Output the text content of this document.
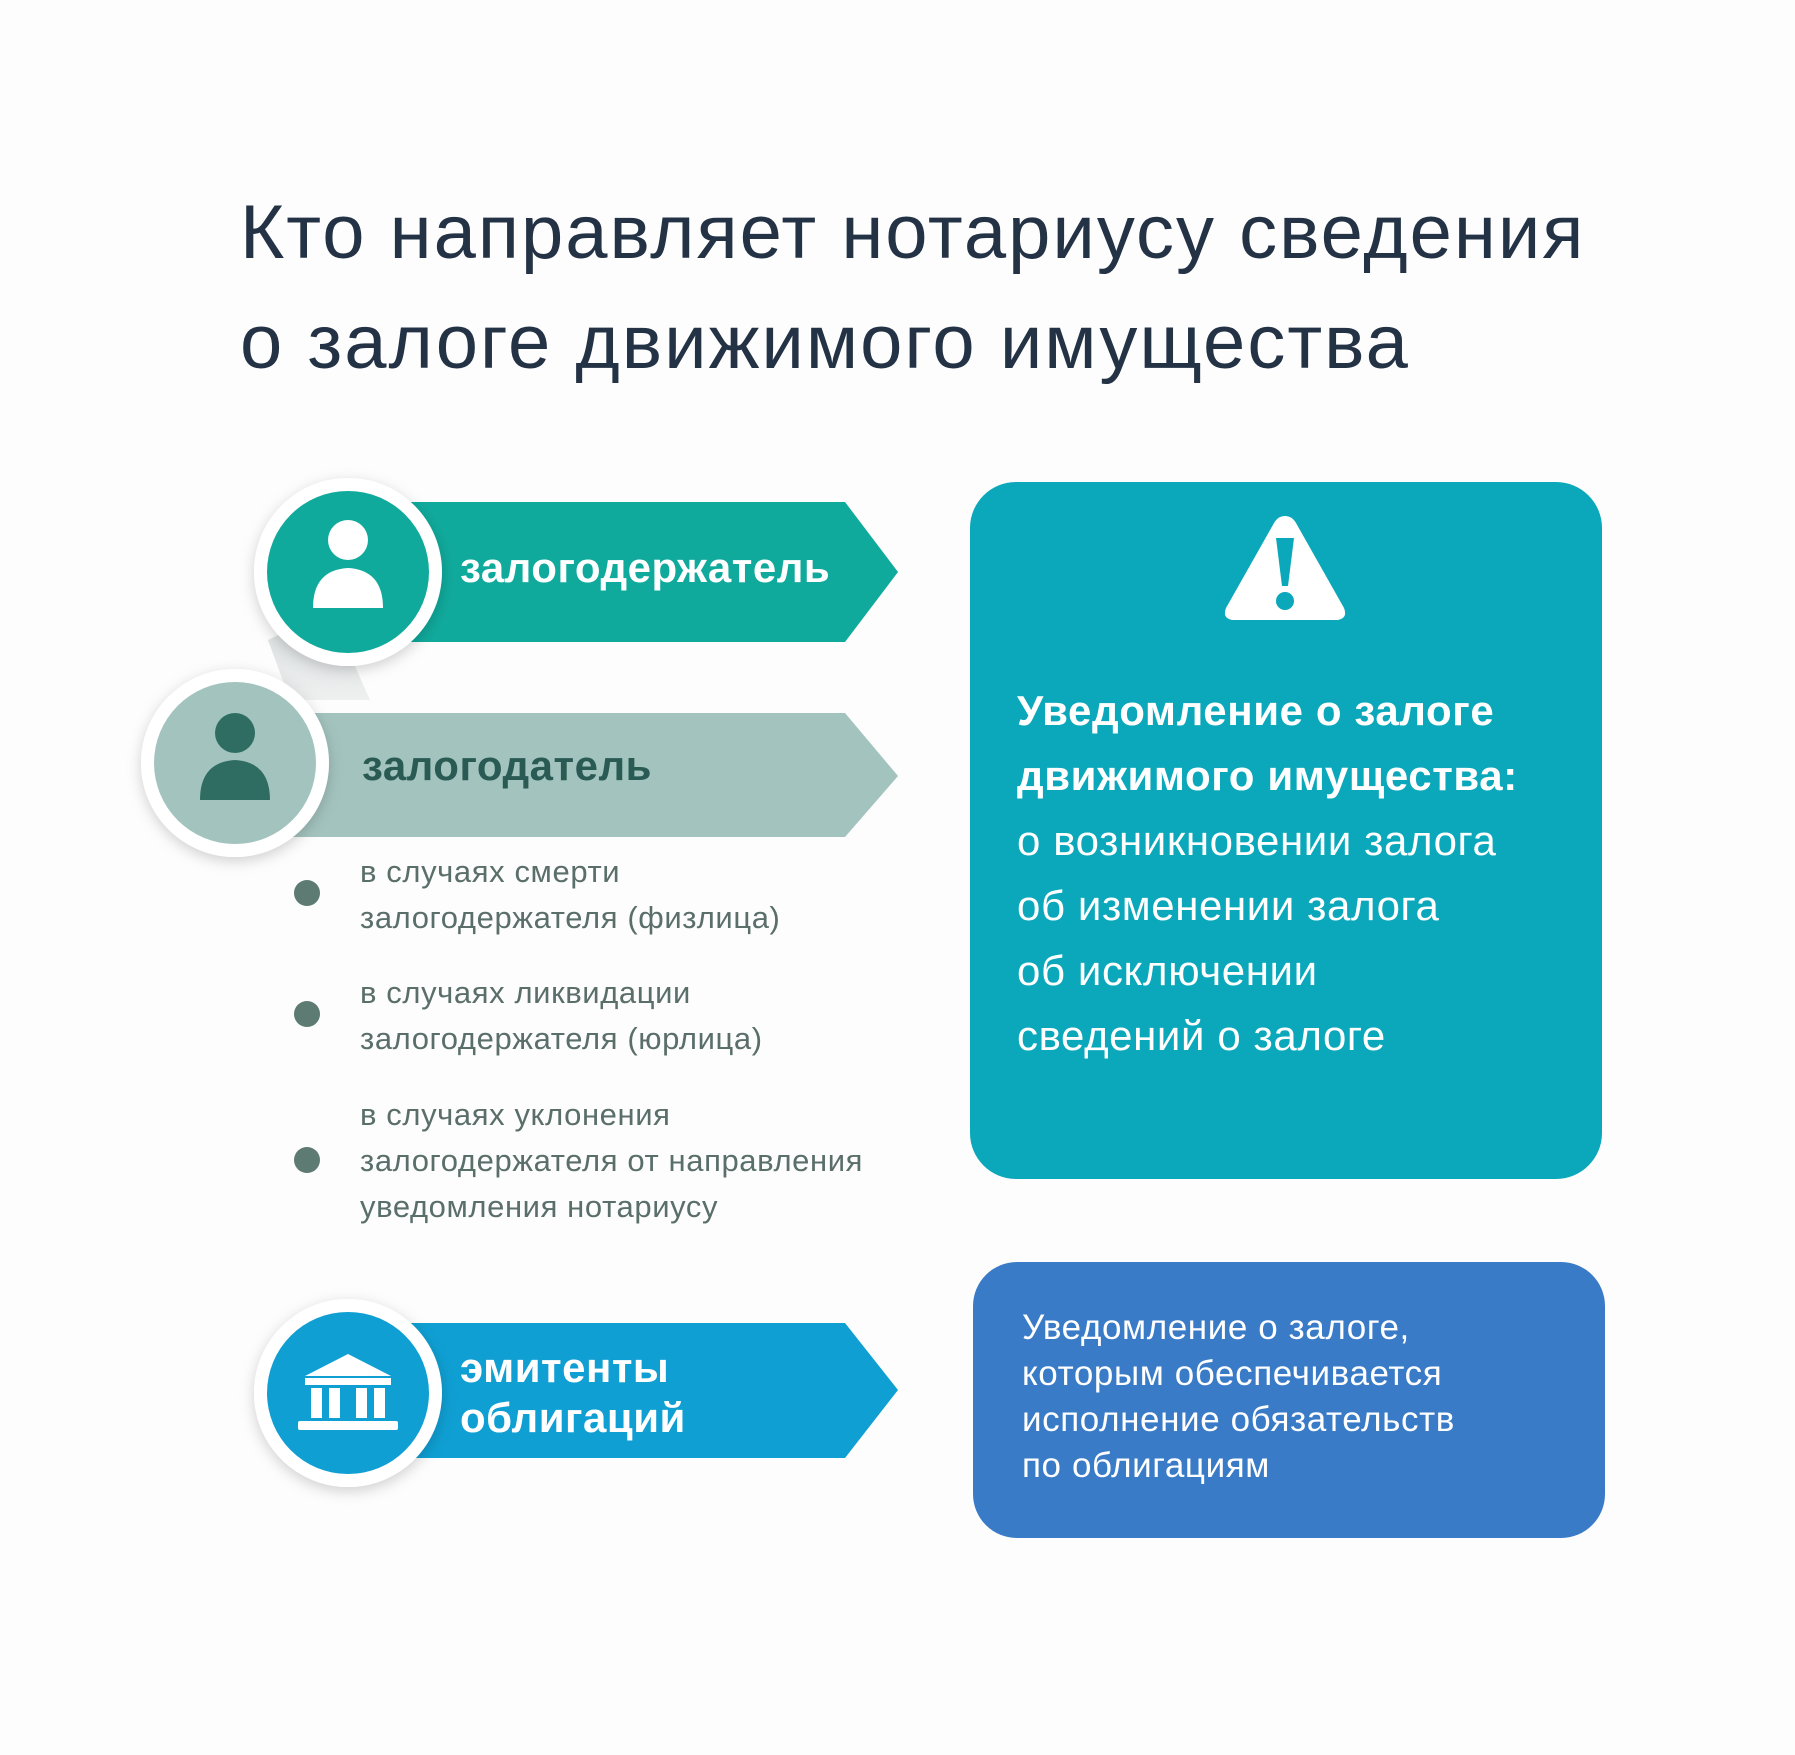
Кто направляет нотариусу сведения
о залоге движимого имущества
залогодержатель
залогодатель
эмитенты
облигаций
в случаях смерти
залогодержателя (физлица)
в случаях ликвидации
залогодержателя (юрлица)
в случаях уклонения
залогодержателя от направления
уведомления нотариусу
Уведомление о залоге
движимого имущества:
о возникновении залога
об изменении залога
об исключении
сведений о залоге
Уведомление о залоге,
которым обеспечивается
исполнение обязательств
по облигациям
